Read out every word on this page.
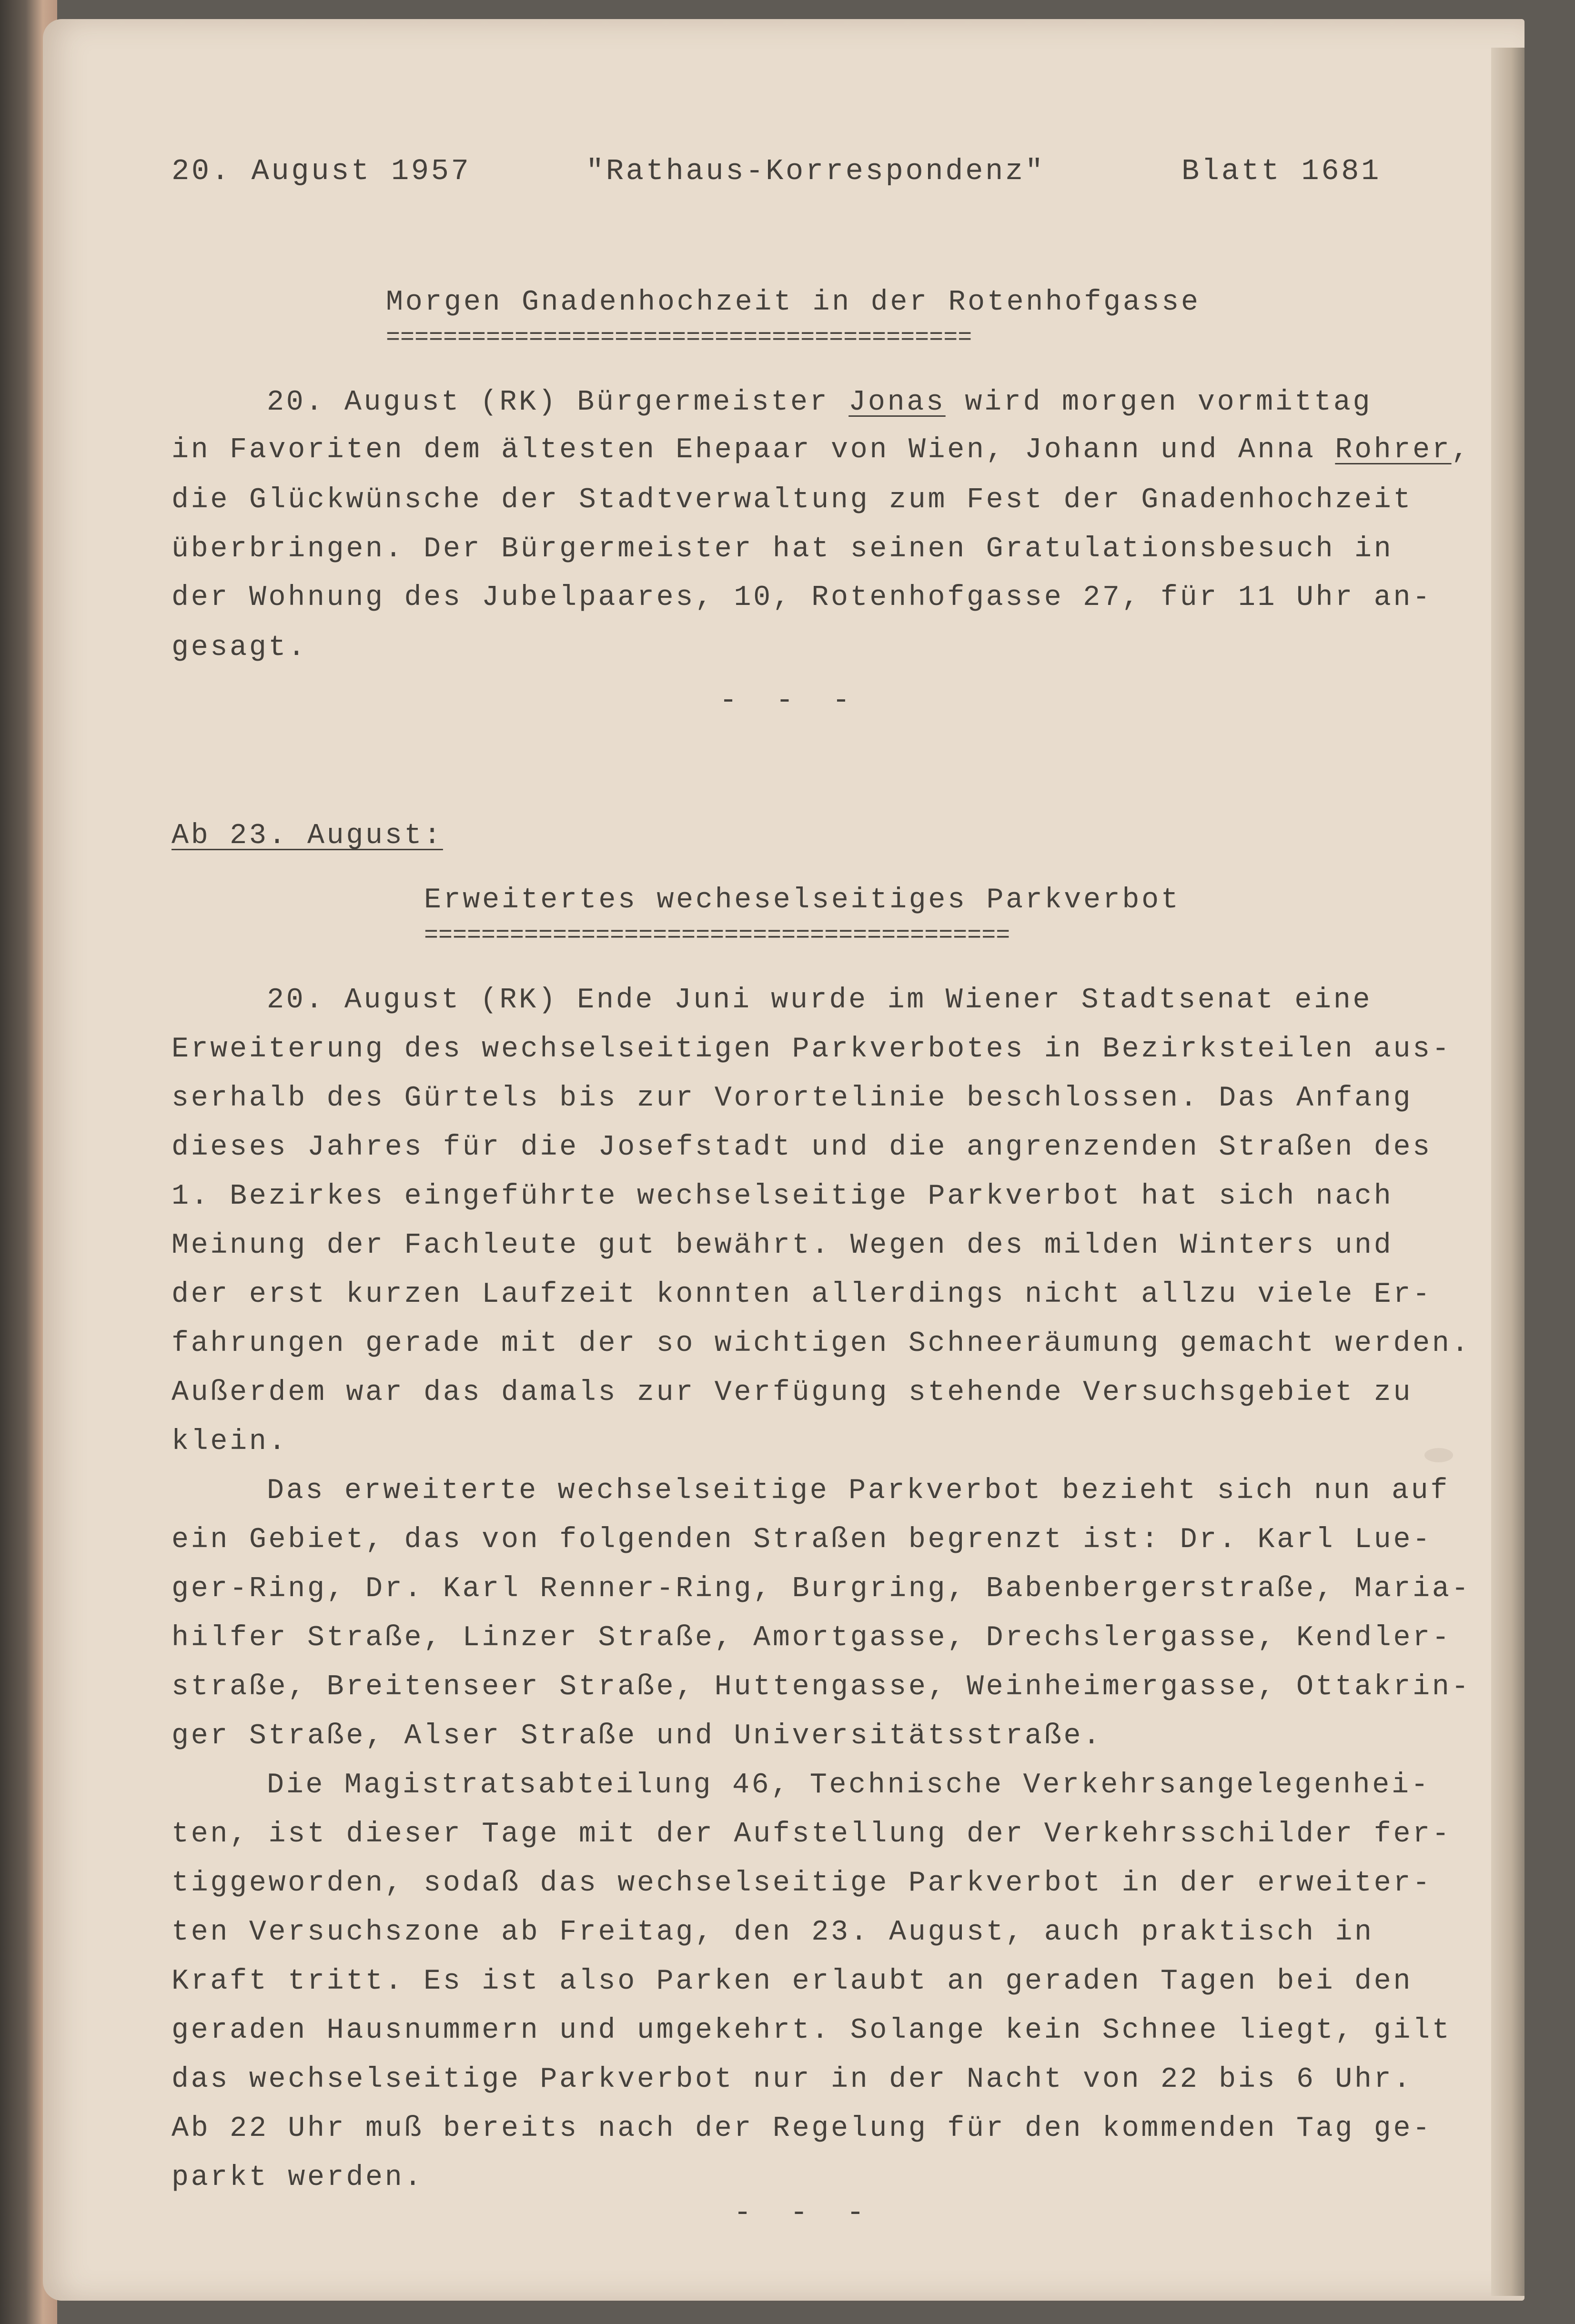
20. August 1957	"Rathaus-Korrespondenz"	Blatt 1681
Morgen Gnadenhochzeit in der Rotenhofgasse
=========================================
20. August (RK) Bürgermeister Jonas wird morgen vormittag
in Favoriten dem ältesten Ehepaar von Wien, Johann und Anna Rohrer,
die Glückwünsche der Stadtverwaltung zum Fest der Gnadenhochzeit
überbringen. Der Bürgermeister hat seinen Gratulationsbesuch in
der Wohnung des Jubelpaares, 10, Rotenhofgasse 27, für 11 Uhr an-
gesagt.
- - -
Ab 23. August:
Erweitertes wecheselseitiges Parkverbot
=========================================
20. August (RK) Ende Juni wurde im Wiener Stadtsenat eine
Erweiterung des wechselseitigen Parkverbotes in Bezirksteilen aus-
serhalb des Gürtels bis zur Vorortelinie beschlossen. Das Anfang
dieses Jahres für die Josefstadt und die angrenzenden Straßen des
1. Bezirkes eingeführte wechselseitige Parkverbot hat sich nach
Meinung der Fachleute gut bewährt. Wegen des milden Winters und
der erst kurzen Laufzeit konnten allerdings nicht allzu viele Er-
fahrungen gerade mit der so wichtigen Schneeräumung gemacht werden.
Außerdem war das damals zur Verfügung stehende Versuchsgebiet zu
klein.
Das erweiterte wechselseitige Parkverbot bezieht sich nun auf
ein Gebiet, das von folgenden Straßen begrenzt ist: Dr. Karl Lue-
ger-Ring, Dr. Karl Renner-Ring, Burgring, Babenbergerstraße, Maria-
hilfer Straße, Linzer Straße, Amortgasse, Drechslergasse, Kendler-
straße, Breitenseer Straße, Huttengasse, Weinheimergasse, Ottakrin-
ger Straße, Alser Straße und Universitätsstraße.
Die Magistratsabteilung 46, Technische Verkehrsangelegenhei-
ten, ist dieser Tage mit der Aufstellung der Verkehrsschilder fer-
tiggeworden, sodaß das wechselseitige Parkverbot in der erweiter-
ten Versuchszone ab Freitag, den 23. August, auch praktisch in
Kraft tritt. Es ist also Parken erlaubt an geraden Tagen bei den
geraden Hausnummern und umgekehrt. Solange kein Schnee liegt, gilt
das wechselseitige Parkverbot nur in der Nacht von 22 bis 6 Uhr.
Ab 22 Uhr muß bereits nach der Regelung für den kommenden Tag ge-
parkt werden.
- - -
